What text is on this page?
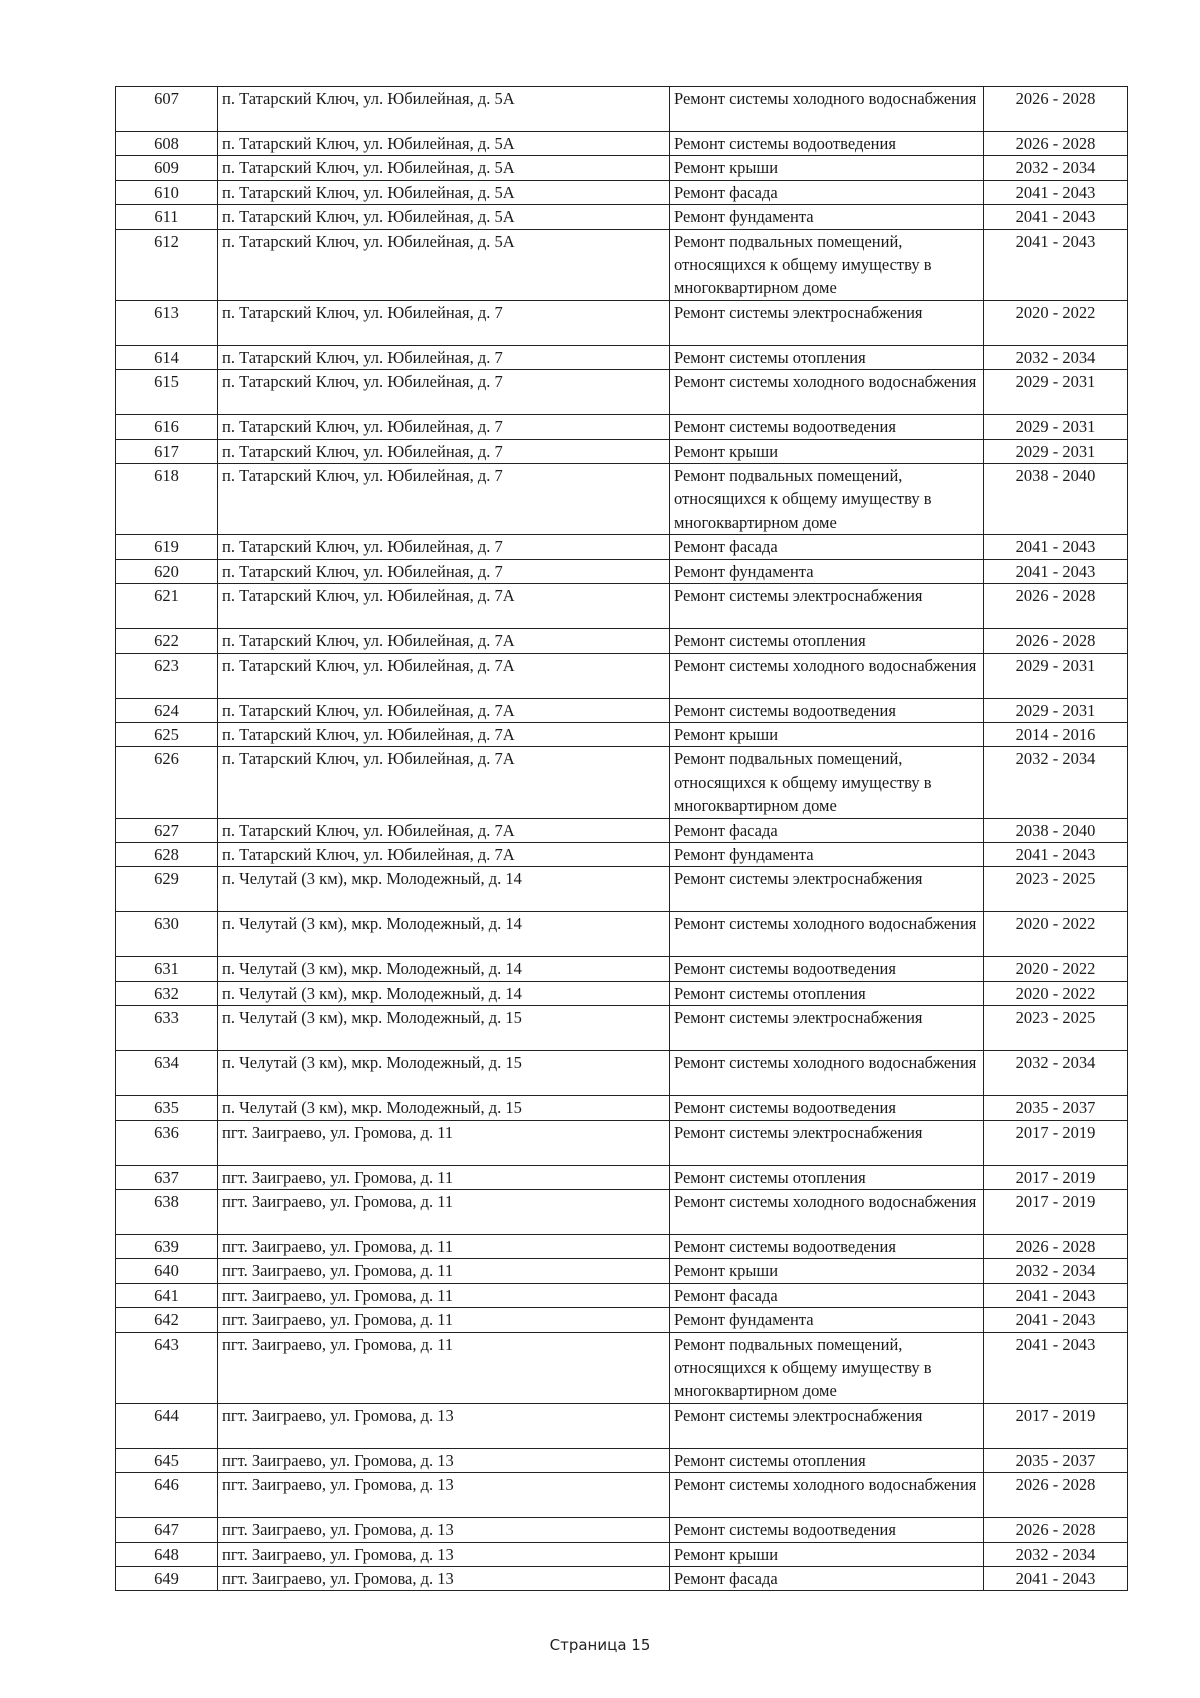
607	п. Татарский Ключ, ул. Юбилейная, д. 5А	Ремонт системы холодного водоснабжения	2026 - 2028
608	п. Татарский Ключ, ул. Юбилейная, д. 5А	Ремонт системы водоотведения	2026 - 2028
609	п. Татарский Ключ, ул. Юбилейная, д. 5А	Ремонт крыши	2032 - 2034
610	п. Татарский Ключ, ул. Юбилейная, д. 5А	Ремонт фасада	2041 - 2043
611	п. Татарский Ключ, ул. Юбилейная, д. 5А	Ремонт фундамента	2041 - 2043
612	п. Татарский Ключ, ул. Юбилейная, д. 5А	Ремонт подвальных помещений, относящихся к общему имуществу в многоквартирном доме	2041 - 2043
613	п. Татарский Ключ, ул. Юбилейная, д. 7	Ремонт системы электроснабжения	2020 - 2022
614	п. Татарский Ключ, ул. Юбилейная, д. 7	Ремонт системы отопления	2032 - 2034
615	п. Татарский Ключ, ул. Юбилейная, д. 7	Ремонт системы холодного водоснабжения	2029 - 2031
616	п. Татарский Ключ, ул. Юбилейная, д. 7	Ремонт системы водоотведения	2029 - 2031
617	п. Татарский Ключ, ул. Юбилейная, д. 7	Ремонт крыши	2029 - 2031
618	п. Татарский Ключ, ул. Юбилейная, д. 7	Ремонт подвальных помещений, относящихся к общему имуществу в многоквартирном доме	2038 - 2040
619	п. Татарский Ключ, ул. Юбилейная, д. 7	Ремонт фасада	2041 - 2043
620	п. Татарский Ключ, ул. Юбилейная, д. 7	Ремонт фундамента	2041 - 2043
621	п. Татарский Ключ, ул. Юбилейная, д. 7А	Ремонт системы электроснабжения	2026 - 2028
622	п. Татарский Ключ, ул. Юбилейная, д. 7А	Ремонт системы отопления	2026 - 2028
623	п. Татарский Ключ, ул. Юбилейная, д. 7А	Ремонт системы холодного водоснабжения	2029 - 2031
624	п. Татарский Ключ, ул. Юбилейная, д. 7А	Ремонт системы водоотведения	2029 - 2031
625	п. Татарский Ключ, ул. Юбилейная, д. 7А	Ремонт крыши	2014 - 2016
626	п. Татарский Ключ, ул. Юбилейная, д. 7А	Ремонт подвальных помещений, относящихся к общему имуществу в многоквартирном доме	2032 - 2034
627	п. Татарский Ключ, ул. Юбилейная, д. 7А	Ремонт фасада	2038 - 2040
628	п. Татарский Ключ, ул. Юбилейная, д. 7А	Ремонт фундамента	2041 - 2043
629	п. Челутай (3 км), мкр. Молодежный, д. 14	Ремонт системы электроснабжения	2023 - 2025
630	п. Челутай (3 км), мкр. Молодежный, д. 14	Ремонт системы холодного водоснабжения	2020 - 2022
631	п. Челутай (3 км), мкр. Молодежный, д. 14	Ремонт системы водоотведения	2020 - 2022
632	п. Челутай (3 км), мкр. Молодежный, д. 14	Ремонт системы отопления	2020 - 2022
633	п. Челутай (3 км), мкр. Молодежный, д. 15	Ремонт системы электроснабжения	2023 - 2025
634	п. Челутай (3 км), мкр. Молодежный, д. 15	Ремонт системы холодного водоснабжения	2032 - 2034
635	п. Челутай (3 км), мкр. Молодежный, д. 15	Ремонт системы водоотведения	2035 - 2037
636	пгт. Заиграево, ул. Громова, д. 11	Ремонт системы электроснабжения	2017 - 2019
637	пгт. Заиграево, ул. Громова, д. 11	Ремонт системы отопления	2017 - 2019
638	пгт. Заиграево, ул. Громова, д. 11	Ремонт системы холодного водоснабжения	2017 - 2019
639	пгт. Заиграево, ул. Громова, д. 11	Ремонт системы водоотведения	2026 - 2028
640	пгт. Заиграево, ул. Громова, д. 11	Ремонт крыши	2032 - 2034
641	пгт. Заиграево, ул. Громова, д. 11	Ремонт фасада	2041 - 2043
642	пгт. Заиграево, ул. Громова, д. 11	Ремонт фундамента	2041 - 2043
643	пгт. Заиграево, ул. Громова, д. 11	Ремонт подвальных помещений, относящихся к общему имуществу в многоквартирном доме	2041 - 2043
644	пгт. Заиграево, ул. Громова, д. 13	Ремонт системы электроснабжения	2017 - 2019
645	пгт. Заиграево, ул. Громова, д. 13	Ремонт системы отопления	2035 - 2037
646	пгт. Заиграево, ул. Громова, д. 13	Ремонт системы холодного водоснабжения	2026 - 2028
647	пгт. Заиграево, ул. Громова, д. 13	Ремонт системы водоотведения	2026 - 2028
648	пгт. Заиграево, ул. Громова, д. 13	Ремонт крыши	2032 - 2034
649	пгт. Заиграево, ул. Громова, д. 13	Ремонт фасада	2041 - 2043
Страница 15
